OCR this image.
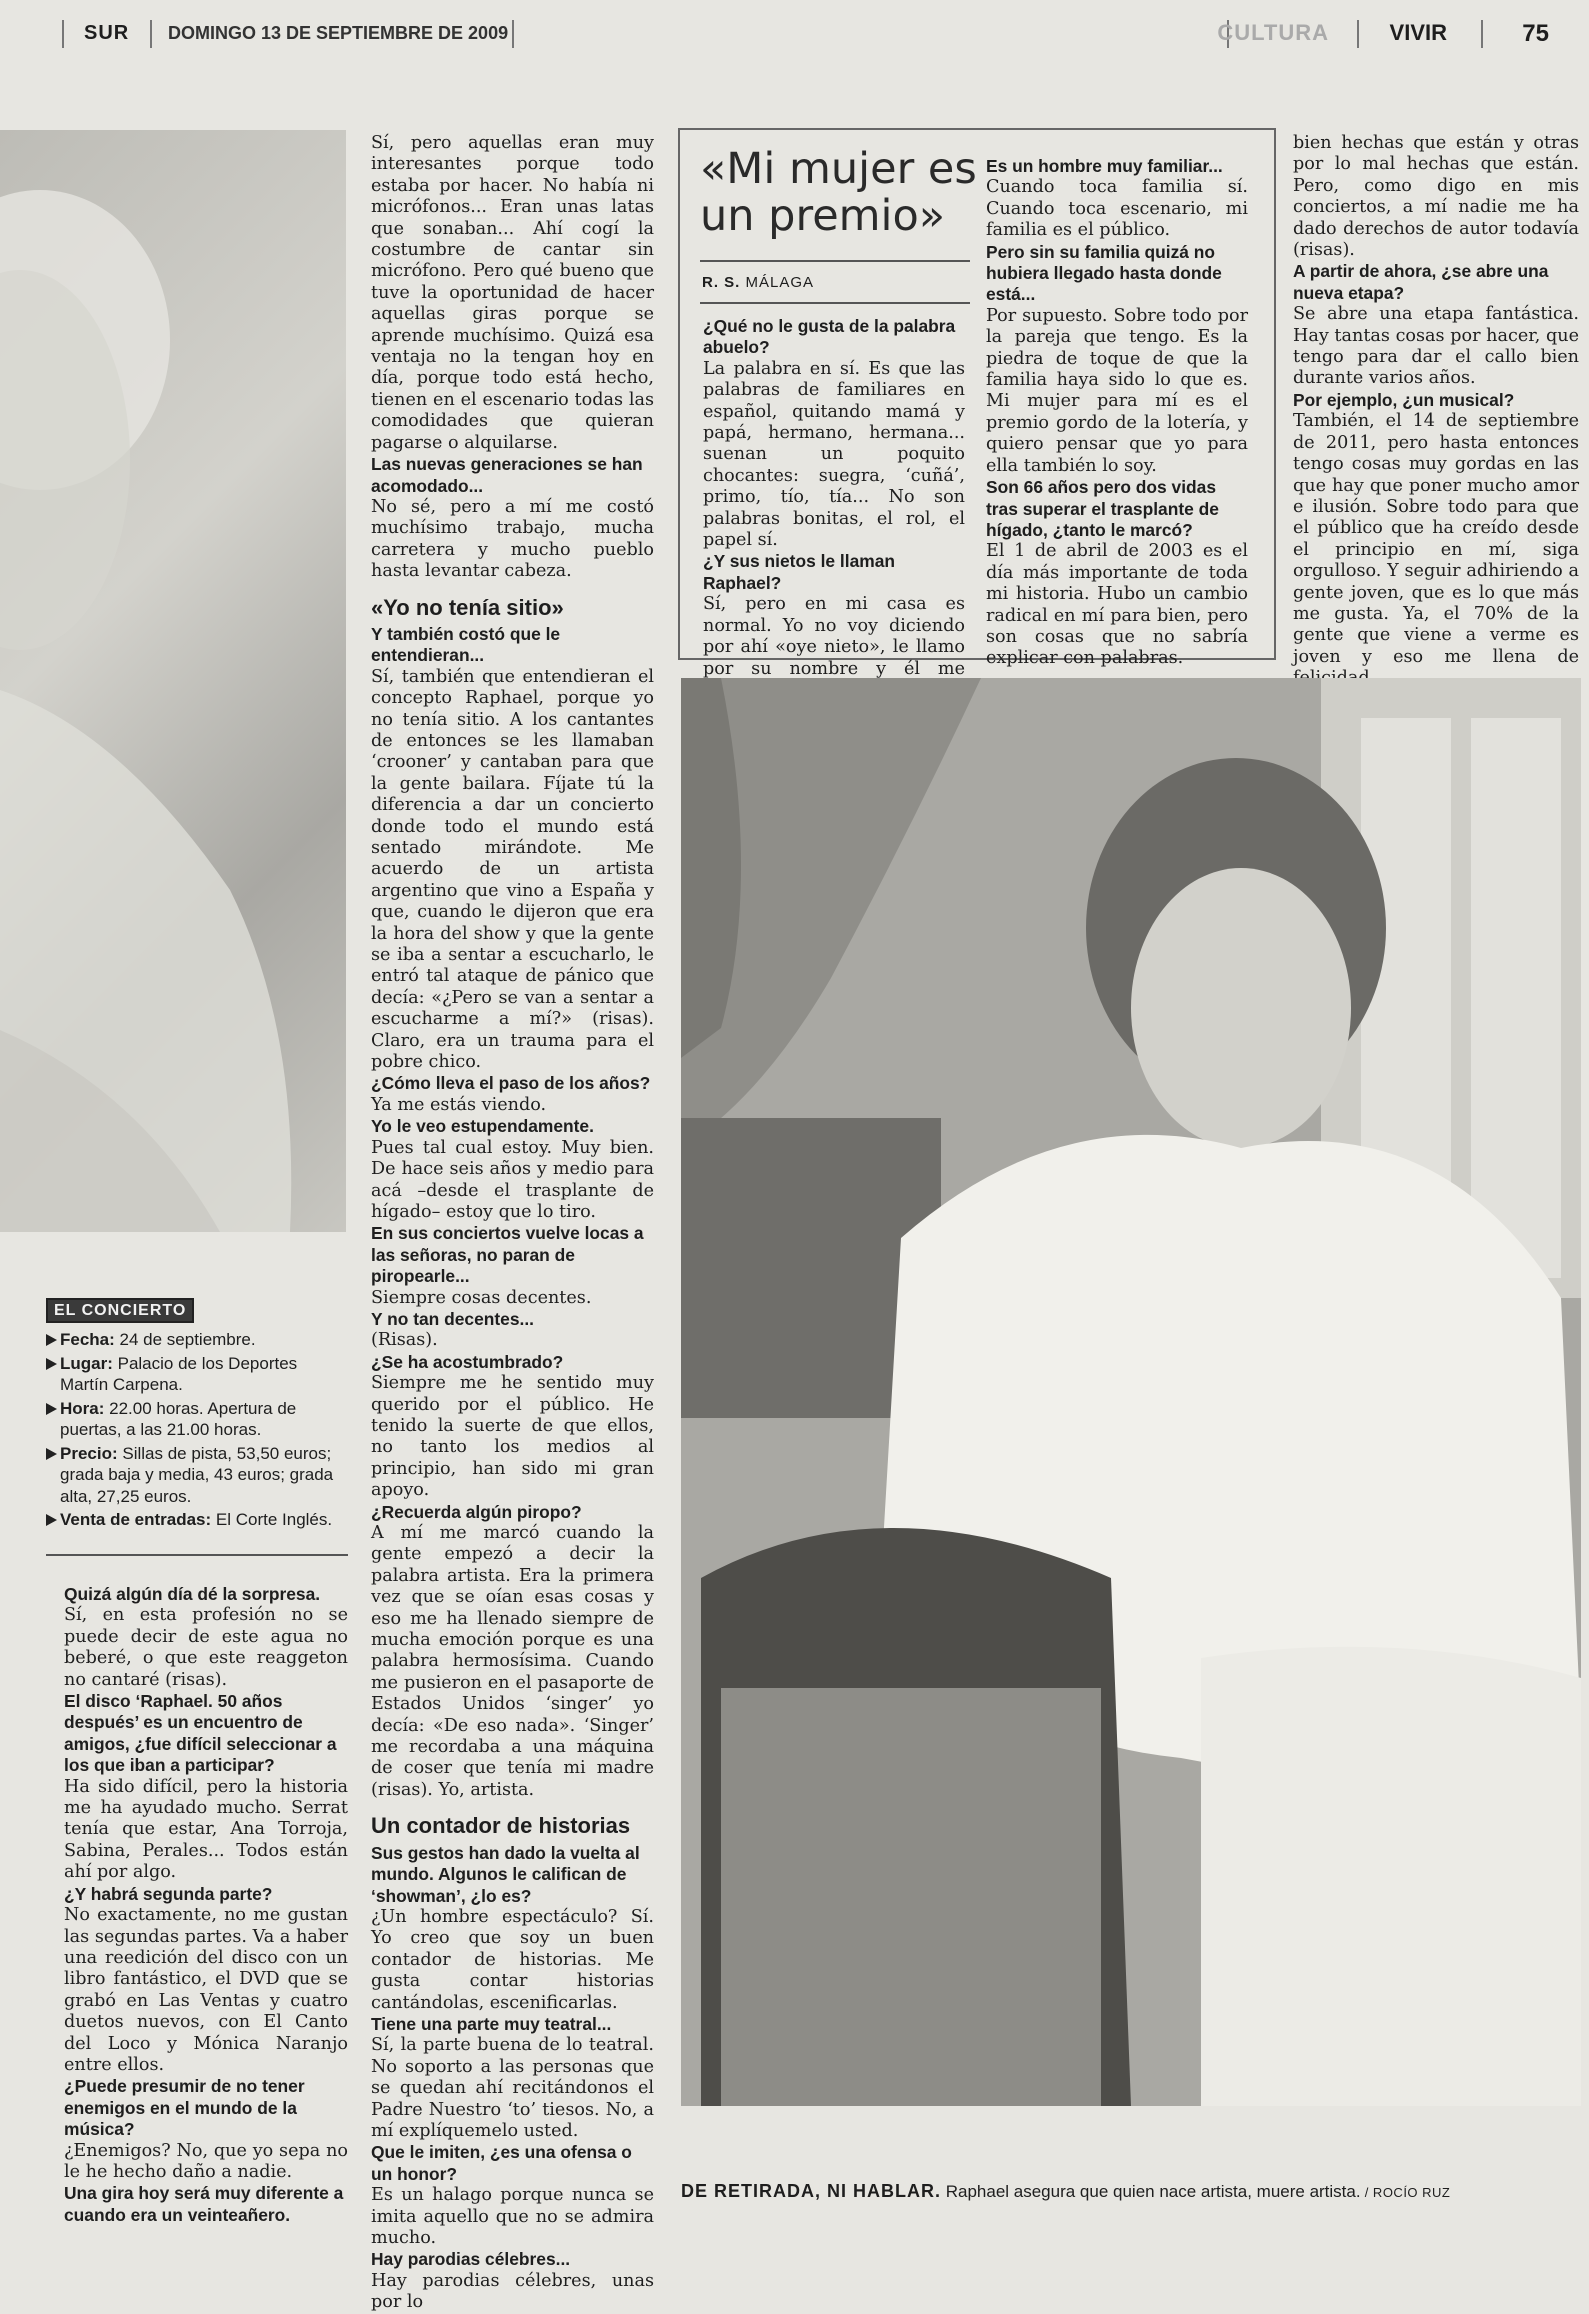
SUR DOMINGO 13 DE SEPTIEMBRE DE 2009	CULTURA	VIVIR	75

Quizá algún día dé la sorpresa.

Sí, en esta profesión no se puede decir de este agua no beberé, o que este reaggeton no cantaré (risas).

El disco ‘Raphael. 50 años después’ es un encuentro de amigos, ¿fue difícil seleccionar a los que iban a participar?

Ha sido difícil, pero la historia me ha ayudado mucho. Serrat tenía que estar, Ana Torroja, Sabina, Perales... Todos están ahí por algo.

¿Y habrá segunda parte?

No exactamente, no me gustan las segundas partes. Va a haber una reedición del disco con un libro fantástico, el DVD que se grabó en Las Ventas y cuatro duetos nuevos, con El Canto del Loco y Mónica Naranjo entre ellos.

¿Puede presumir de no tener enemigos en el mundo de la música?

¿Enemigos? No, que yo sepa no le he hecho daño a nadie.

Una gira hoy será muy diferente a cuando era un veinteañero.

EL CONCIERTO
Fecha: 24 de septiembre.
Lugar: Palacio de los Deportes Martín Carpena.
Hora: 22.00 horas. Apertura de puertas, a las 21.00 horas.
Precio: Sillas de pista, 53,50 euros; grada baja y media, 43 euros; grada alta, 27,25 euros.
Venta de entradas: El Corte Inglés.

Sí, pero aquellas eran muy interesantes porque todo estaba por hacer. No había ni micrófonos... Eran unas latas que sonaban... Ahí cogí la costumbre de cantar sin micrófono. Pero qué bueno que tuve la oportunidad de hacer aquellas giras porque se aprende muchísimo. Quizá esa ventaja no la tengan hoy en día, porque todo está hecho, tienen en el escenario todas las comodidades que quieran pagarse o alquilarse.

Las nuevas generaciones se han acomodado...

No sé, pero a mí me costó muchísimo trabajo, mucha carretera y mucho pueblo hasta levantar cabeza.

«Yo no tenía sitio»

Y también costó que le entendieran...

Sí, también que entendieran el concepto Raphael, porque yo no tenía sitio. A los cantantes de entonces se les llamaban ‘crooner’ y cantaban para que la gente bailara. Fíjate tú la diferencia a dar un concierto donde todo el mundo está sentado mirándote. Me acuerdo de un artista argentino que vino a España y que, cuando le dijeron que era la hora del show y que la gente se iba a sentar a escucharlo, le entró tal ataque de pánico que decía: «¿Pero se van a sentar a escucharme a mí?» (risas). Claro, era un trauma para el pobre chico.

¿Cómo lleva el paso de los años?

Ya me estás viendo.

Yo le veo estupendamente.

Pues tal cual estoy. Muy bien. De hace seis años y medio para acá –desde el trasplante de hígado– estoy que lo tiro.

En sus conciertos vuelve locas a las señoras, no paran de piropearle...

Siempre cosas decentes.

Y no tan decentes...

(Risas).

¿Se ha acostumbrado?

Siempre me he sentido muy querido por el público. He tenido la suerte de que ellos, no tanto los medios al principio, han sido mi gran apoyo.

¿Recuerda algún piropo?

A mí me marcó cuando la gente empezó a decir la palabra artista. Era la primera vez que se oían esas cosas y eso me ha llenado siempre de mucha emoción porque es una palabra hermosísima. Cuando me pusieron en el pasaporte de Estados Unidos ‘singer’ yo decía: «De eso nada». ‘Singer’ me recordaba a una máquina de coser que tenía mi madre (risas). Yo, artista.

Un contador de historias

Sus gestos han dado la vuelta al mundo. Algunos le califican de ‘showman’, ¿lo es?

¿Un hombre espectáculo? Sí. Yo creo que soy un buen contador de historias. Me gusta contar historias cantándolas, escenificarlas.

Tiene una parte muy teatral...

Sí, la parte buena de lo teatral. No soporto a las personas que se quedan ahí recitándonos el Padre Nuestro ‘to’ tiesos. No, a mí explíquemelo usted.

Que le imiten, ¿es una ofensa o un honor?

Es un halago porque nunca se imita aquello que no se admira mucho.

Hay parodias célebres...

Hay parodias célebres, unas por lo

«Mi mujer es un premio»
R. S. MÁLAGA

¿Qué no le gusta de la palabra abuelo?

La palabra en sí. Es que las palabras de familiares en español, quitando mamá y papá, hermano, hermana... suenan un poquito chocantes: suegra, ‘cuñá’, primo, tío, tía... No son palabras bonitas, el rol, el papel sí.

¿Y sus nietos le llaman Raphael?

Sí, pero en mi casa es normal. Yo no voy diciendo por ahí «oye nieto», le llamo por su nombre y él me

Es un hombre muy familiar...

Cuando toca familia sí. Cuando toca escenario, mi familia es el público.

Pero sin su familia quizá no hubiera llegado hasta donde está...

Por supuesto. Sobre todo por la pareja que tengo. Es la piedra de toque de que la familia haya sido lo que es. Mi mujer para mí es el premio gordo de la lotería, y quiero pensar que yo para ella también lo soy.

Son 66 años pero dos vidas tras superar el trasplante de hígado, ¿tanto le marcó?

El 1 de abril de 2003 es el día más importante de toda mi historia. Hubo un cambio radical en mí para bien, pero son cosas que no sabría explicar con palabras.

bien hechas que están y otras por lo mal hechas que están. Pero, como digo en mis conciertos, a mí nadie me ha dado derechos de autor todavía (risas).

A partir de ahora, ¿se abre una nueva etapa?

Se abre una etapa fantástica. Hay tantas cosas por hacer, que tengo para dar el callo bien durante varios años.

Por ejemplo, ¿un musical?

También, el 14 de septiembre de 2011, pero hasta entonces tengo cosas muy gordas en las que hay que poner mucho amor e ilusión. Sobre todo para que el público que ha creído desde el principio en mí, siga orgulloso. Y seguir adhiriendo a gente joven, que es lo que más me gusta. Ya, el 70% de la gente que viene a verme es joven y eso me llena de

DE RETIRADA, NI HABLAR. Raphael asegura que quien nace artista, muere artista. / ROCÍO RUZ
